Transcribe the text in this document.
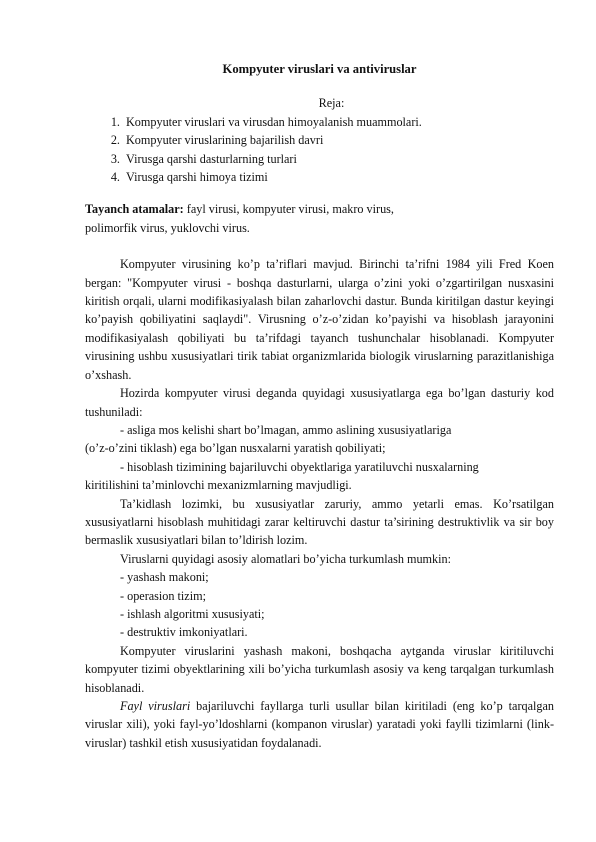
Kompyuter viruslari va antiviruslar
Reja:
1. Kompyuter viruslari va virusdan himoyalanish muammolari.
2. Kompyuter viruslarining bajarilish davri
3. Virusga qarshi dasturlarning turlari
4. Virusga qarshi himoya tizimi
Tayanch atamalar: fayl virusi, kompyuter virusi, makro virus,
polimorfik virus, yuklovchi virus.

Kompyuter virusining ko’p ta’riflari mavjud. Birinchi ta’rifni 1984 yili Fred Koen bergan: "Kompyuter virusi - boshqa dasturlarni, ularga o’zini yoki o’zgartirilgan nusxasini kiritish orqali, ularni modifikasiyalash bilan zaharlovchi dastur. Bunda kiritilgan dastur keyingi ko’payish qobiliyatini saqlaydi". Virusning o’z-o’zidan ko’payishi va hisoblash jarayonini modifikasiyalash qobiliyati bu ta’rifdagi tayanch tushunchalar hisoblanadi. Kompyuter virusining ushbu xususiyatlari tirik tabiat organizmlarida biologik viruslarning parazitlanishiga o’xshash.

Hozirda kompyuter virusi deganda quyidagi xususiyatlarga ega bo’lgan dasturiy kod tushuniladi:

- asliga mos kelishi shart bo’lmagan, ammo aslining xususiyatlariga

(o’z-o’zini tiklash) ega bo’lgan nusxalarni yaratish qobiliyati;

- hisoblash tizimining bajariluvchi obyektlariga yaratiluvchi nusxalarning

kiritilishini ta’minlovchi mexanizmlarning mavjudligi.

Ta’kidlash lozimki, bu xususiyatlar zaruriy, ammo yetarli emas. Ko’rsatilgan xususiyatlarni hisoblash muhitidagi zarar keltiruvchi dastur ta’sirining destruktivlik va sir boy bermaslik xususiyatlari bilan to’ldirish lozim.

Viruslarni quyidagi asosiy alomatlari bo’yicha turkumlash mumkin:

- yashash makoni;

- operasion tizim;

- ishlash algoritmi xususiyati;

- destruktiv imkoniyatlari.

Kompyuter viruslarini yashash makoni, boshqacha aytganda viruslar kiritiluvchi kompyuter tizimi obyektlarining xili bo’yicha turkumlash asosiy va keng tarqalgan turkumlash hisoblanadi.

Fayl viruslari bajariluvchi fayllarga turli usullar bilan kiritiladi (eng ko’p tarqalgan viruslar xili), yoki fayl-yo’ldoshlarni (kompanon viruslar) yaratadi yoki faylli tizimlarni (link-viruslar) tashkil etish xususiyatidan foydalanadi.
